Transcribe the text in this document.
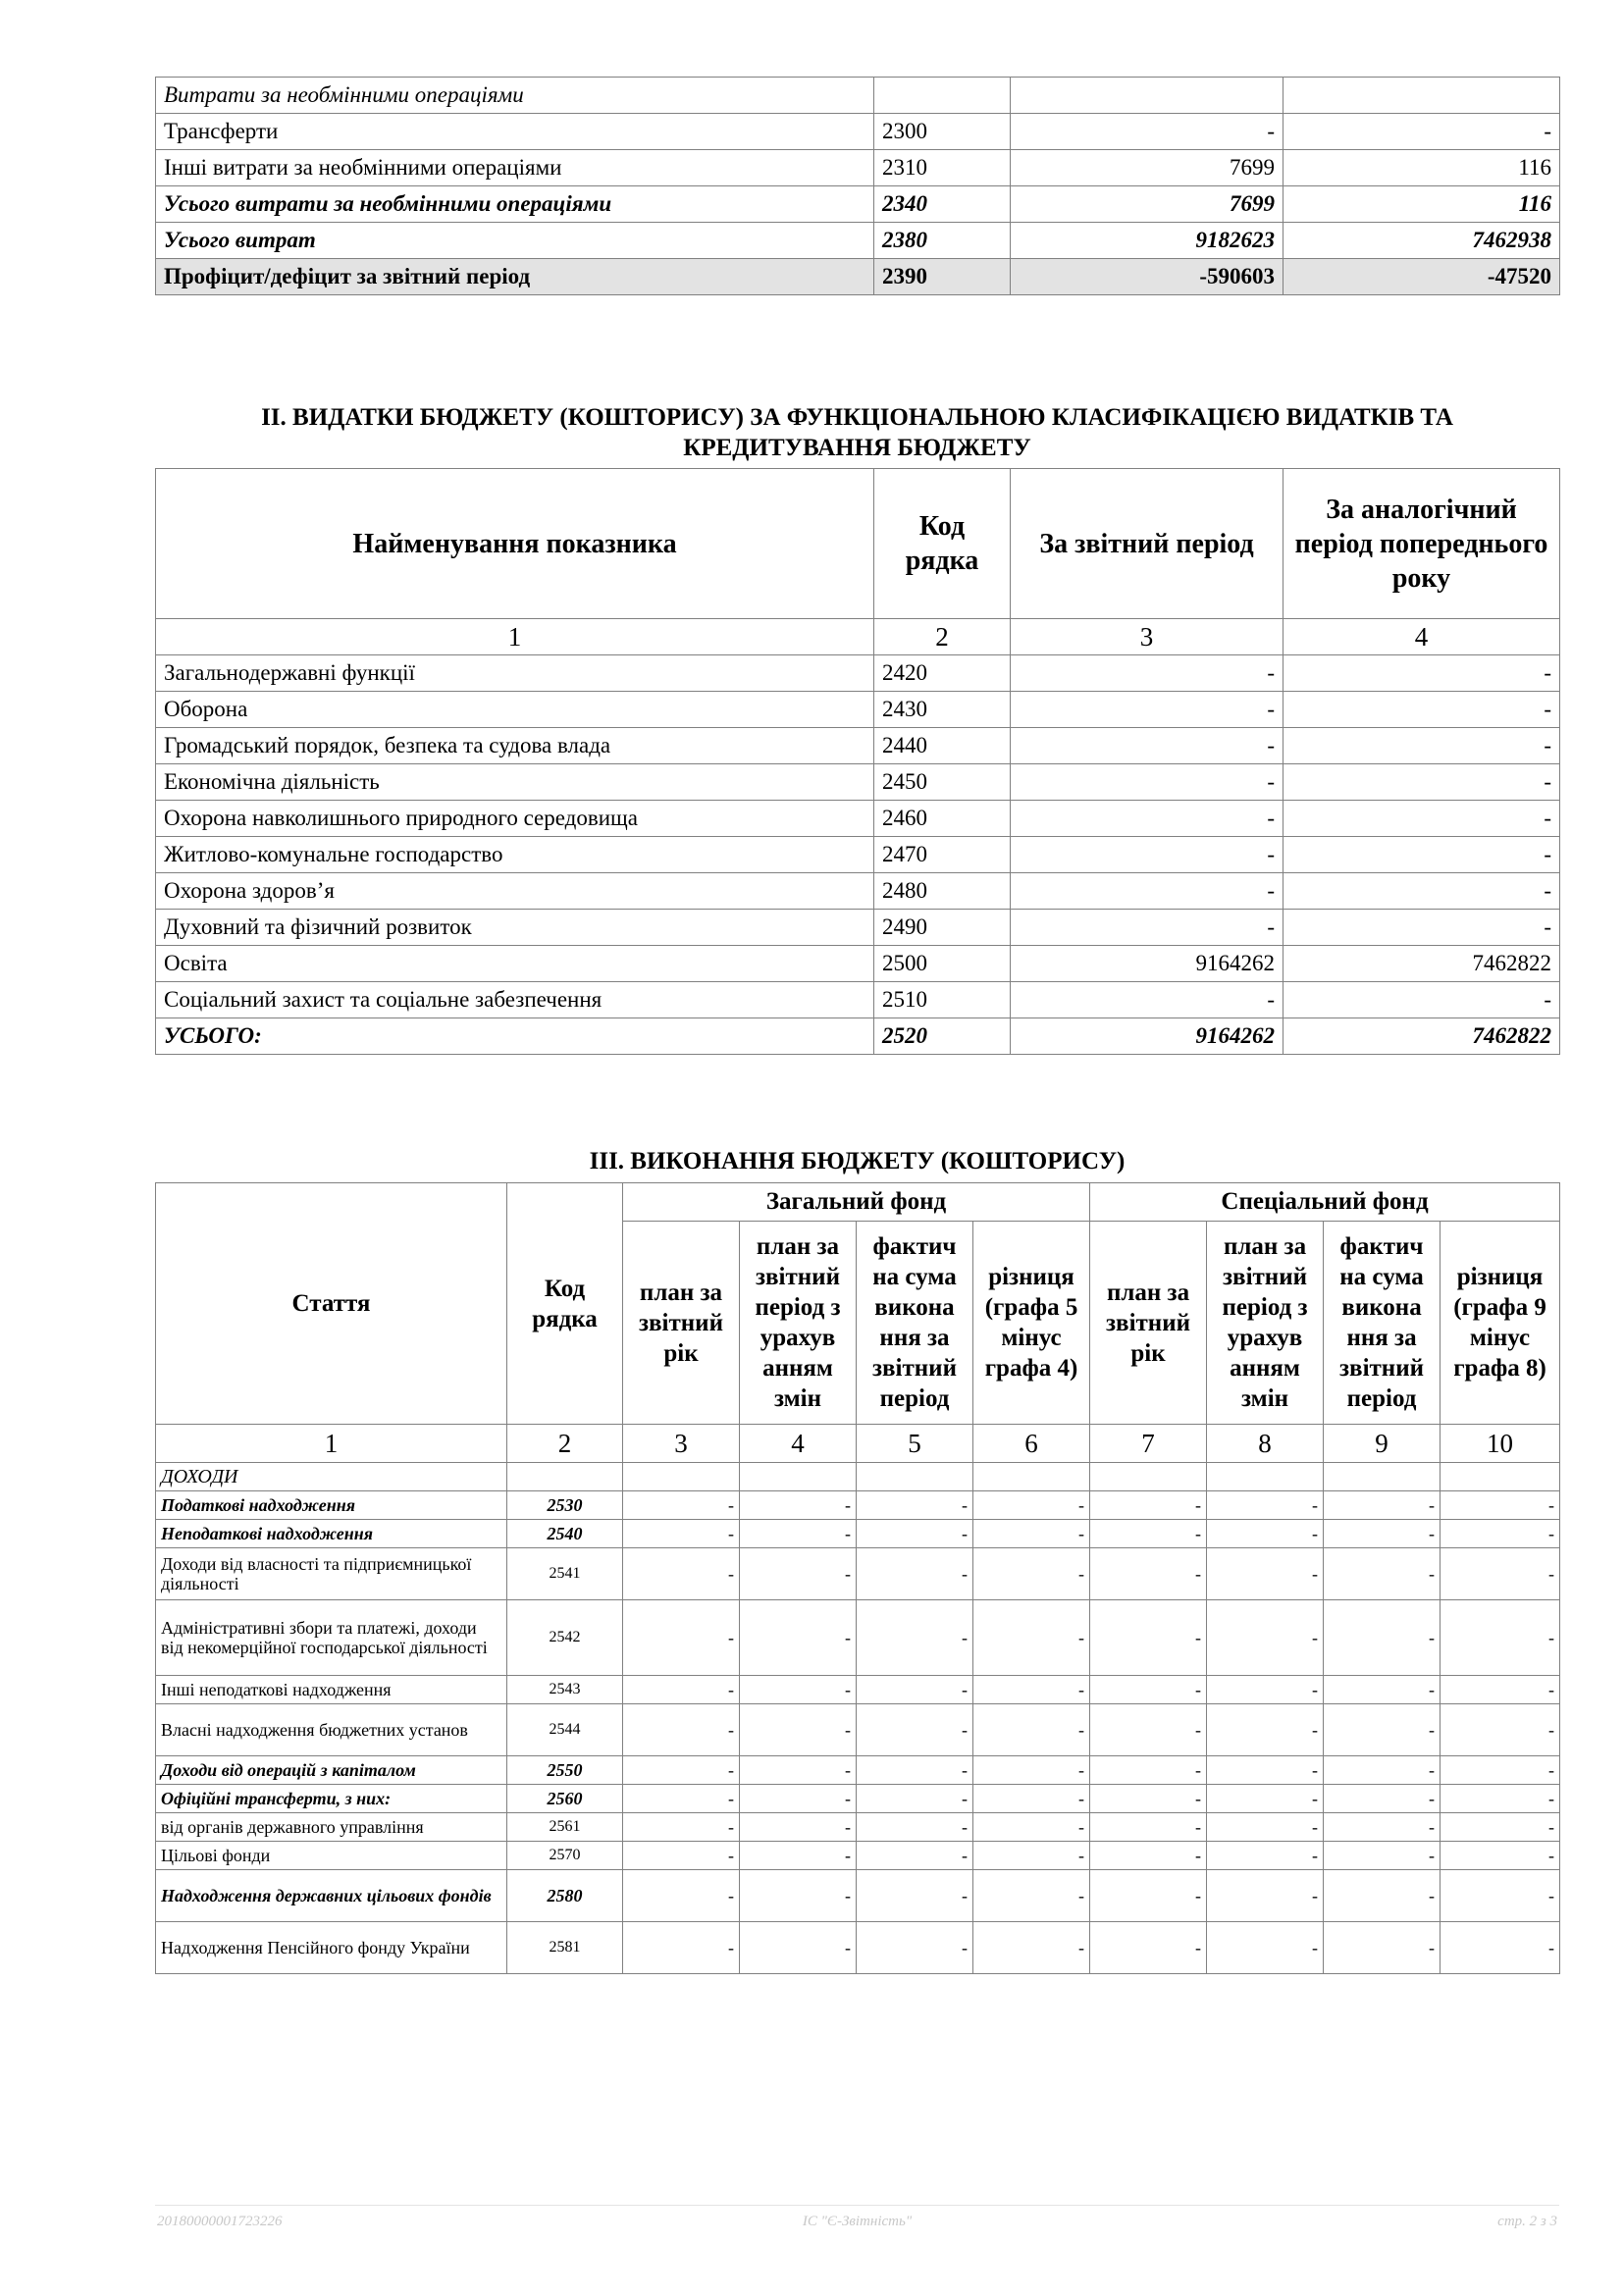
Витрати за необмінними операціями			
Трансферти	2300	-	-
Інші витрати за необмінними операціями	2310	7699	116
Усього витрати за необмінними операціями	2340	7699	116
Усього витрат	2380	9182623	7462938
Профіцит/дефіцит за звітний період	2390	-590603	-47520
ІІ. ВИДАТКИ БЮДЖЕТУ (КОШТОРИСУ) ЗА ФУНКЦІОНАЛЬНОЮ КЛАСИФІКАЦІЄЮ ВИДАТКІВ ТА
КРЕДИТУВАННЯ БЮДЖЕТУ
Найменування показника	Код рядка	За звітний період	За аналогічний період попереднього року
1	2	3	4
Загальнодержавні функції	2420	-	-
Оборона	2430	-	-
Громадський порядок, безпека та судова влада	2440	-	-
Економічна діяльність	2450	-	-
Охорона навколишнього природного середовища	2460	-	-
Житлово-комунальне господарство	2470	-	-
Охорона здоров’я	2480	-	-
Духовний та фізичний розвиток	2490	-	-
Освіта	2500	9164262	7462822
Соціальний захист та соціальне забезпечення	2510	-	-
УСЬОГО:	2520	9164262	7462822
ІІІ. ВИКОНАННЯ БЮДЖЕТУ (КОШТОРИСУ)
Стаття	Код рядка	Загальний фонд				Спеціальний фонд			
		план за звітний рік	план за звітний період з урахув анням змін	фактич на сума викона ння за звітний період	різниця (графа 5 мінус графа 4)	план за звітний рік	план за звітний період з урахув анням змін	фактич на сума викона ння за звітний період	різниця (графа 9 мінус графа 8)
1	2	3	4	5	6	7	8	9	10
ДОХОДИ									
Податкові надходження	2530	-	-	-	-	-	-	-	-
Неподаткові надходження	2540	-	-	-	-	-	-	-	-
Доходи від власності та підприємницької діяльності	2541	-	-	-	-	-	-	-	-
Адміністративні збори та платежі, доходи від некомерційної господарської діяльності	2542	-	-	-	-	-	-	-	-
Інші неподаткові надходження	2543	-	-	-	-	-	-	-	-
Власні надходження бюджетних установ	2544	-	-	-	-	-	-	-	-
Доходи від операцій з капіталом	2550	-	-	-	-	-	-	-	-
Офіційні трансферти, з них:	2560	-	-	-	-	-	-	-	-
від органів державного управління	2561	-	-	-	-	-	-	-	-
Цільові фонди	2570	-	-	-	-	-	-	-	-
Надходження державних цільових фондів	2580	-	-	-	-	-	-	-	-
Надходження Пенсійного фонду України	2581	-	-	-	-	-	-	-	-
20180000001723226	ІС "Є-Звітність"	стр. 2 з 3
